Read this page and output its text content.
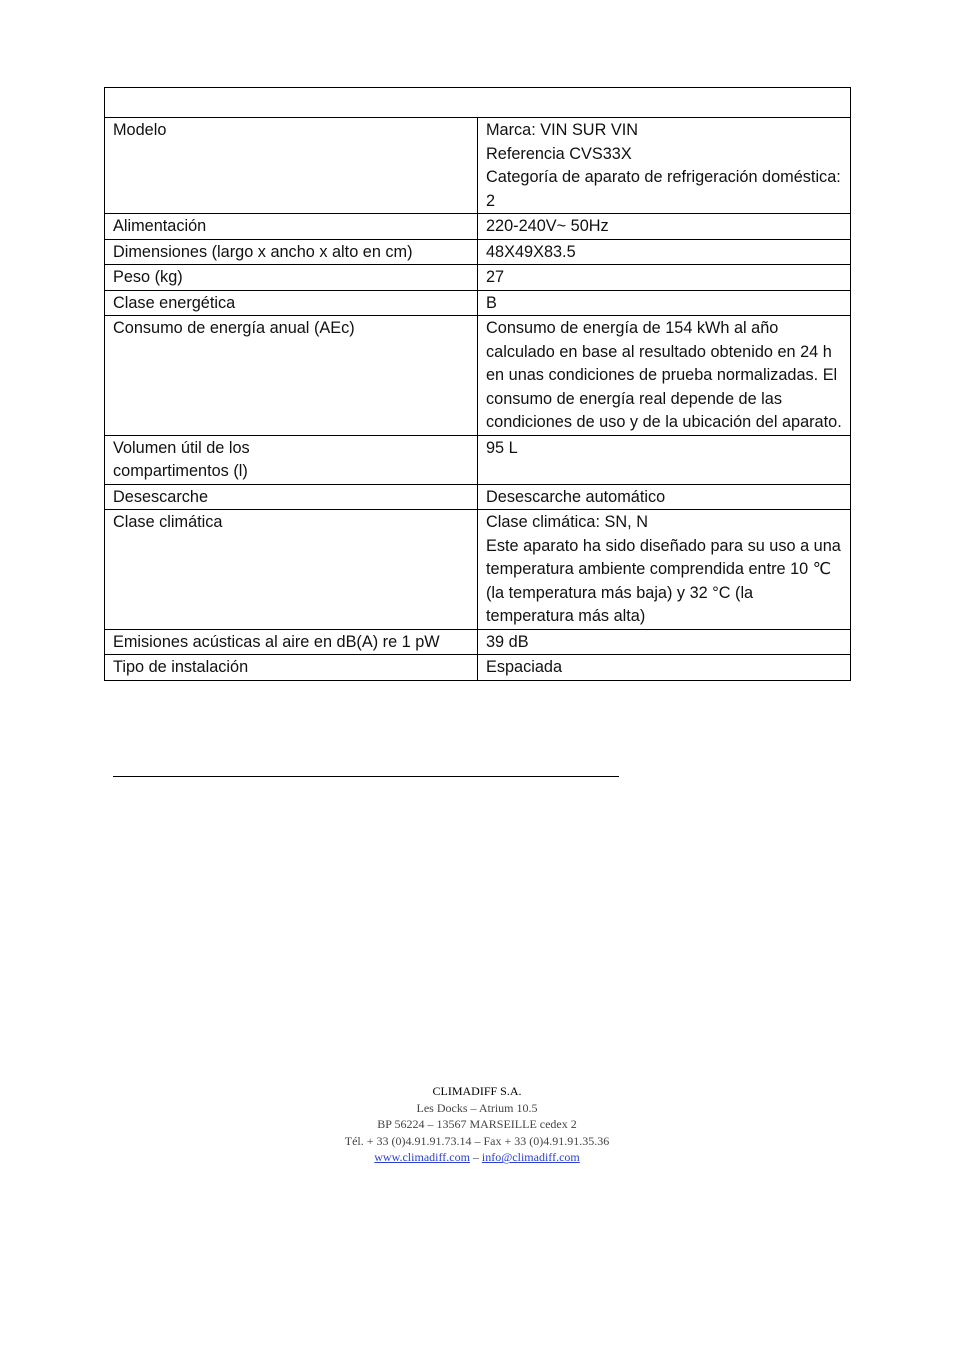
Modelo	Marca: VIN SUR VIN
Referencia CVS33X
Categoría de aparato de refrigeración doméstica: 2
Alimentación	220-240V~ 50Hz
Dimensiones (largo x ancho x alto en cm)	48X49X83.5
Peso (kg)	27
Clase energética	B
Consumo de energía anual (AEc)	Consumo de energía de 154 kWh al año calculado en base al resultado obtenido en 24 h en unas condiciones de prueba normalizadas. El consumo de energía real depende de las condiciones de uso y de la ubicación del aparato.
Volumen útil de los
compartimentos (l)	95 L
Desescarche	Desescarche automático
Clase climática	Clase climática: SN, N
Este aparato ha sido diseñado para su uso a una temperatura ambiente comprendida entre 10 ℃(la temperatura más baja) y 32 °C (la temperatura más alta)
Emisiones acústicas al aire en dB(A) re 1 pW	39 dB
Tipo de instalación	Espaciada
CLIMADIFF S.A.
Les Docks – Atrium 10.5
BP 56224 – 13567 MARSEILLE cedex 2
Tél. + 33 (0)4.91.91.73.14 – Fax + 33 (0)4.91.91.35.36
www.climadiff.com – info@climadiff.com
